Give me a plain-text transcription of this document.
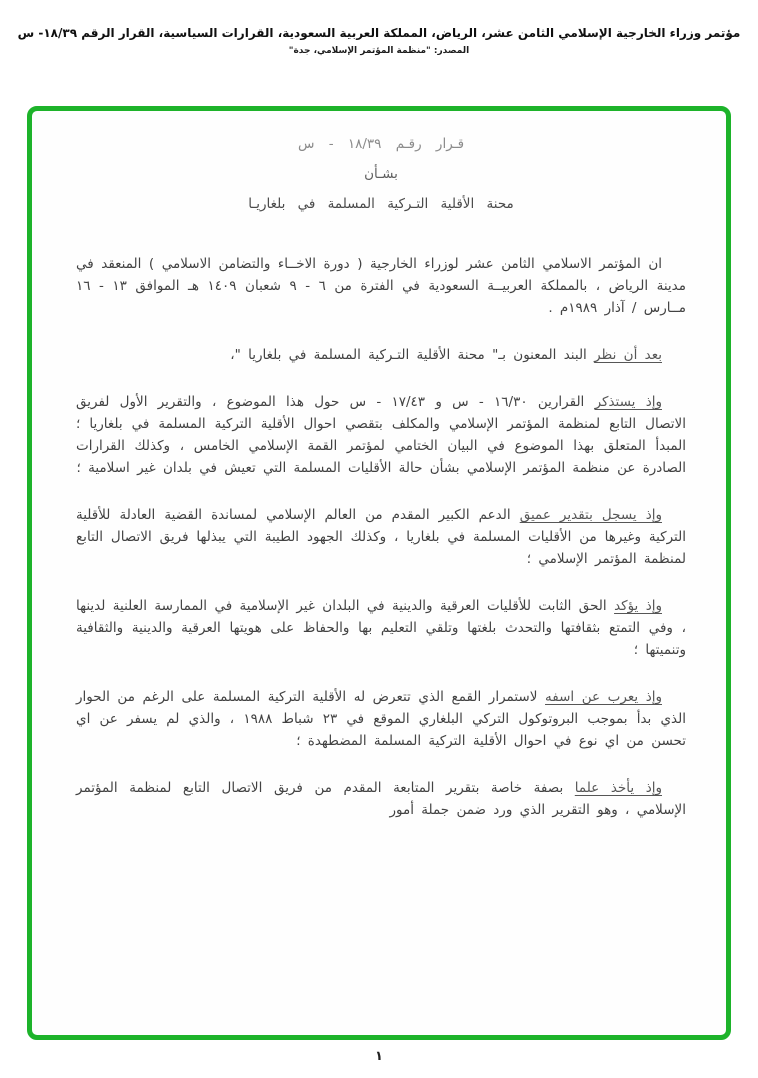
مؤتمر وزراء الخارجية الإسلامي الثامن عشر، الرياض، المملكة العربية السعودية، القرارات السياسية، القرار الرقم ١٨/٣٩- س
المصدر: "منظمة المؤتمر الإسلامي، جدة"
قـرار رقـم ١٨/٣٩ - س
بشـأن
محنة الأقلية التـركية المسلمة في بلغاريـا

ان المؤتمر الاسلامي الثامن عشر لوزراء الخارجية ( دورة الاخــاء والتضامن الاسلامي ) المنعقد في مدينة الرياض ، بالمملكة العربيــة السعودية في الفترة من ٦ - ٩ شعبان ١٤٠٩ هـ الموافق ١٣ - ١٦ مــارس / آذار ١٩٨٩م .

بعد أن نظر البند المعنون بـ" محنة الأقلية التـركية المسلمة في بلغاريا "،

وإذ يستذكر القرارين ١٦/٣٠ - س و ١٧/٤٣ - س حول هذا الموضوع ، والتقرير الأول لفريق الاتصال التابع لمنظمة المؤتمر الإسلامي والمكلف بتقصي احوال الأقلية التركية المسلمة في بلغاريا ؛ المبدأ المتعلق بهذا الموضوع في البيان الختامي لمؤتمر القمة الإسلامي الخامس ، وكذلك القرارات الصادرة عن منظمة المؤتمر الإسلامي بشأن حالة الأقليات المسلمة التي تعيش في بلدان غير اسلامية ؛

وإذ يسجل بتقدير عميق الدعم الكبير المقدم من العالم الإسلامي لمساندة القضية العادلة للأقلية التركية وغيرها من الأقليات المسلمة في بلغاريا ، وكذلك الجهود الطيبة التي يبذلها فريق الاتصال التابع لمنظمة المؤتمر الإسلامي ؛

وإذ يؤكد الحق الثابت للأقليات العرقية والدينية في البلدان غير الإسلامية في الممارسة العلنية لدينها ، وفي التمتع بثقافتها والتحدث بلغتها وتلقي التعليم بها والحفاظ على هويتها العرقية والدينية والثقافية وتنميتها ؛

وإذ يعرب عن اسفه لاستمرار القمع الذي تتعرض له الأقلية التركية المسلمة على الرغم من الحوار الذي بدأ بموجب البروتوكول التركي البلغاري الموقع في ٢٣ شباط ١٩٨٨ ، والذي لم يسفر عن اي تحسن من اي نوع في احوال الأقلية التركية المسلمة المضطهدة ؛

وإذ يأخذ علما بصفة خاصة بتقرير المتابعة المقدم من فريق الاتصال التابع لمنظمة المؤتمر الإسلامي ، وهو التقرير الذي ورد ضمن جملة أمور

١
